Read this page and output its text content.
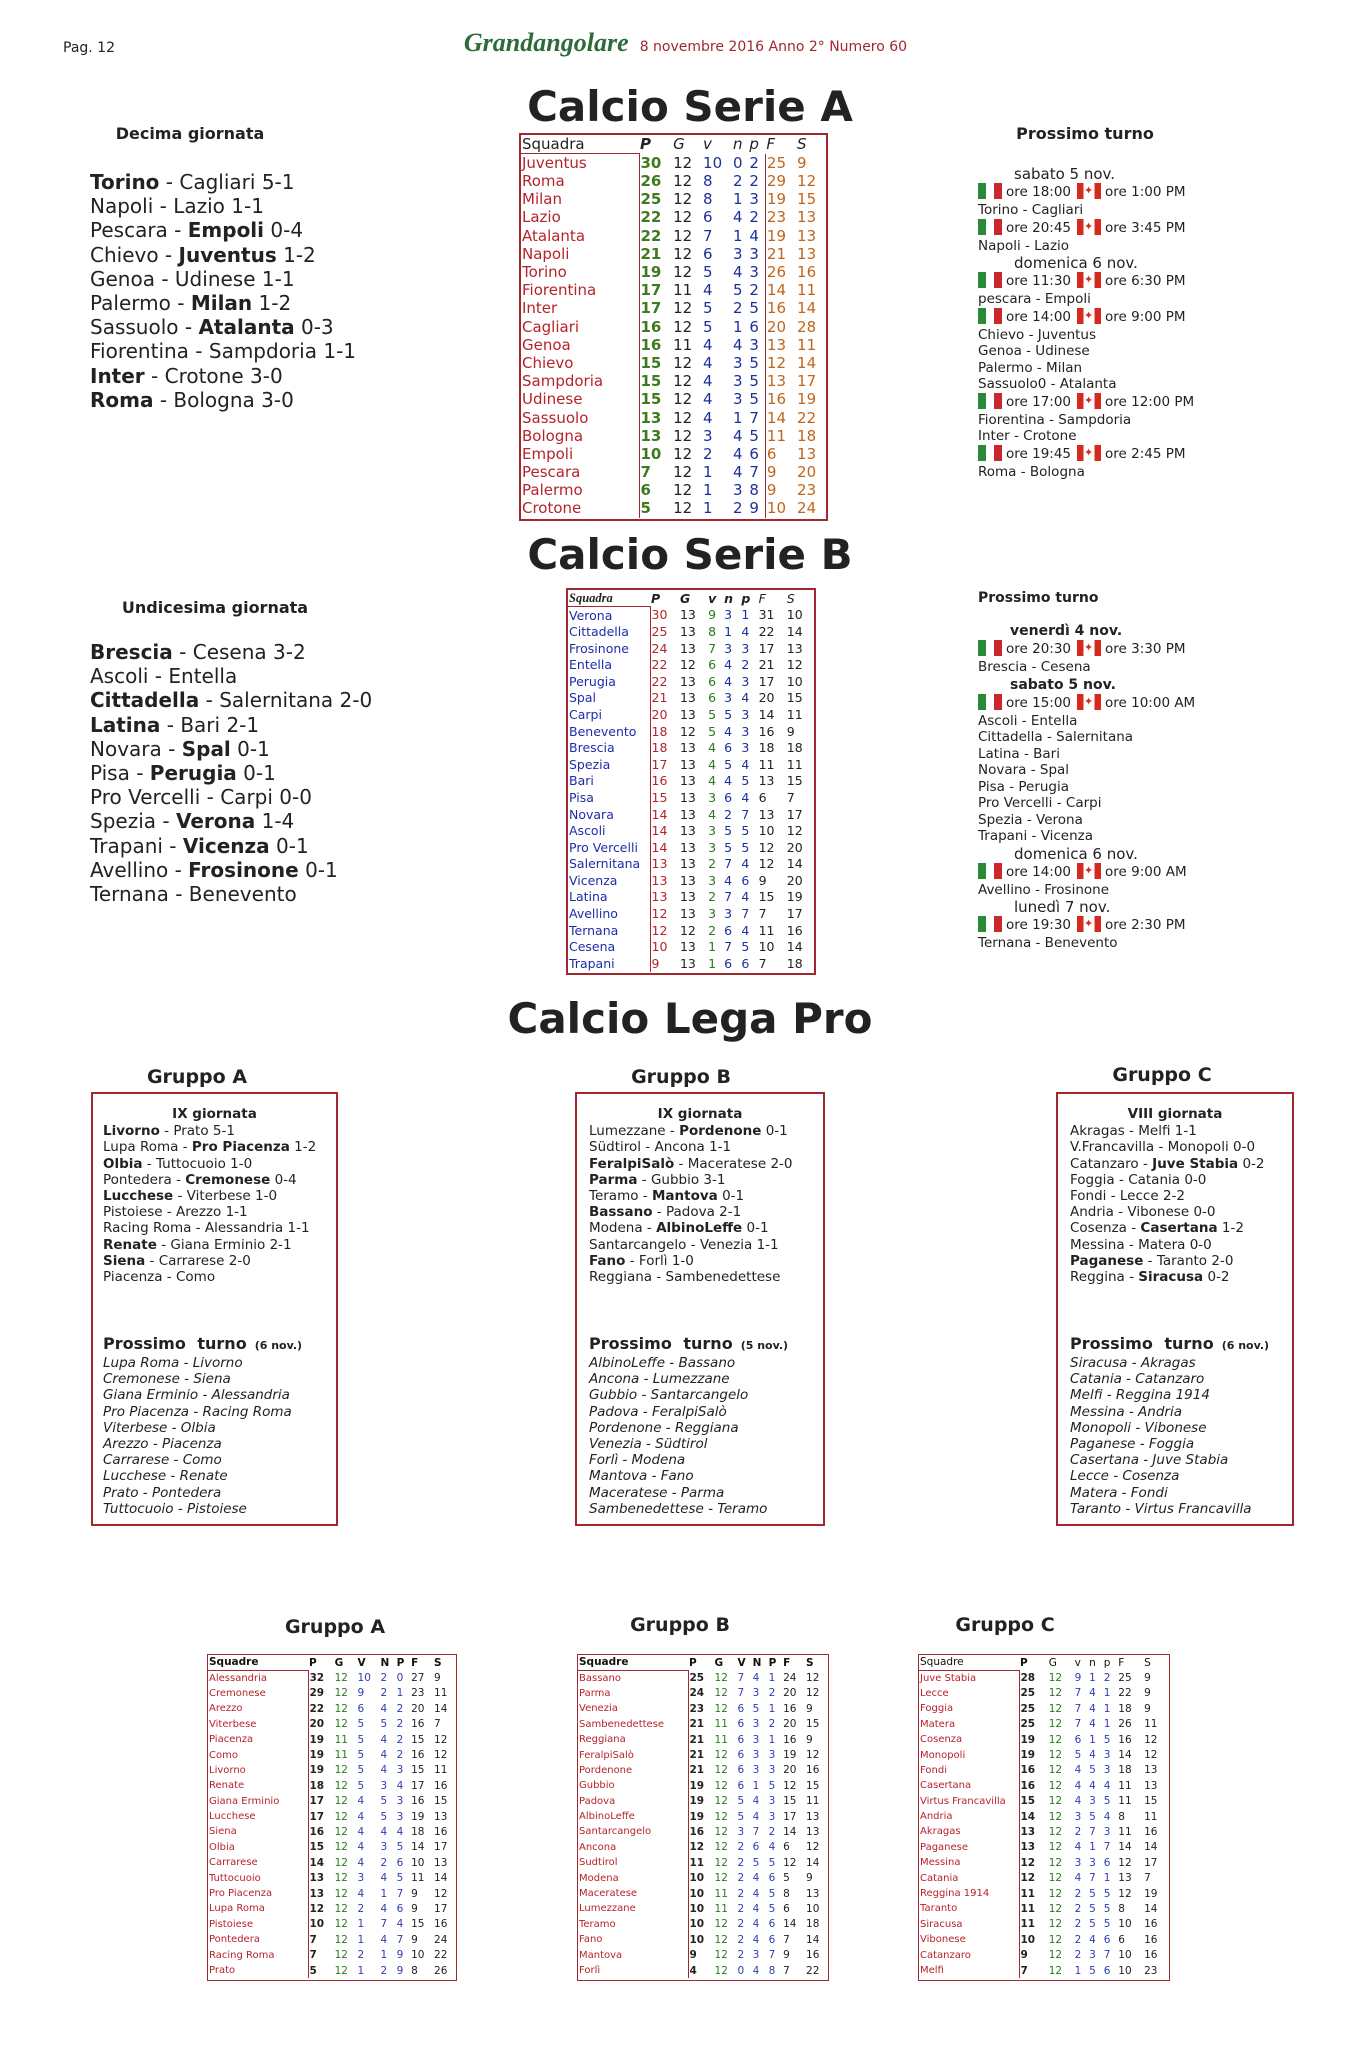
Pag. 12	Grandangolare 8 novembre 2016 Anno 2° Numero 60
Calcio Serie A
Decima giornata
Torino - Cagliari 5-1
Napoli - Lazio 1-1
Pescara - Empoli 0-4
Chievo - Juventus 1-2
Genoa - Udinese 1-1
Palermo - Milan 1-2
Sassuolo - Atalanta 0-3
Fiorentina - Sampdoria 1-1
Inter - Crotone 3-0
Roma - Bologna 3-0
Squadra	P	G	v	n	p	F	S
Juventus	30	12	10	0	2	25	9
Roma	26	12	8	2	2	29	12
Milan	25	12	8	1	3	19	15
Lazio	22	12	6	4	2	23	13
Atalanta	22	12	7	1	4	19	13
Napoli	21	12	6	3	3	21	13
Torino	19	12	5	4	3	26	16
Fiorentina	17	11	4	5	2	14	11
Inter	17	12	5	2	5	16	14
Cagliari	16	12	5	1	6	20	28
Genoa	16	11	4	4	3	13	11
Chievo	15	12	4	3	5	12	14
Sampdoria	15	12	4	3	5	13	17
Udinese	15	12	4	3	5	16	19
Sassuolo	13	12	4	1	7	14	22
Bologna	13	12	3	4	5	11	18
Empoli	10	12	2	4	6	6	13
Pescara	7	12	1	4	7	9	20
Palermo	6	12	1	3	8	9	23
Crotone	5	12	1	2	9	10	24
Prossimo turno
sabato 5 nov.
ore 18:00 ✦	ore 1:00 PM
Torino - Cagliari
ore 20:45 ✦	ore 3:45 PM
Napoli - Lazio
domenica 6 nov.
ore 11:30 ✦	ore 6:30 PM
pescara - Empoli
ore 14:00 ✦	ore 9:00 PM
Chievo - Juventus
Genoa - Udinese
Palermo - Milan
Sassuolo0 - Atalanta
ore 17:00 ✦	ore 12:00 PM
Fiorentina - Sampdoria
Inter - Crotone
ore 19:45 ✦	ore 2:45 PM
Roma - Bologna
Calcio Serie B
Undicesima giornata
Brescia - Cesena 3-2
Ascoli - Entella
Cittadella - Salernitana 2-0
Latina - Bari 2-1
Novara - Spal 0-1
Pisa - Perugia 0-1
Pro Vercelli - Carpi 0-0
Spezia - Verona 1-4
Trapani - Vicenza 0-1
Avellino - Frosinone 0-1
Ternana - Benevento
Squadra	P	G	v	n	p	F	S
Verona	30	13	9	3	1	31	10
Cittadella	25	13	8	1	4	22	14
Frosinone	24	13	7	3	3	17	13
Entella	22	12	6	4	2	21	12
Perugia	22	13	6	4	3	17	10
Spal	21	13	6	3	4	20	15
Carpi	20	13	5	5	3	14	11
Benevento	18	12	5	4	3	16	9
Brescia	18	13	4	6	3	18	18
Spezia	17	13	4	5	4	11	11
Bari	16	13	4	4	5	13	15
Pisa	15	13	3	6	4	6	7
Novara	14	13	4	2	7	13	17
Ascoli	14	13	3	5	5	10	12
Pro Vercelli	14	13	3	5	5	12	20
Salernitana	13	13	2	7	4	12	14
Vicenza	13	13	3	4	6	9	20
Latina	13	13	2	7	4	15	19
Avellino	12	13	3	3	7	7	17
Ternana	12	12	2	6	4	11	16
Cesena	10	13	1	7	5	10	14
Trapani	9	13	1	6	6	7	18
Prossimo turno
venerdì 4 nov.
ore 20:30 ✦	ore 3:30 PM
Brescia - Cesena
sabato 5 nov.
ore 15:00 ✦	ore 10:00 AM
Ascoli - Entella
Cittadella - Salernitana
Latina - Bari
Novara - Spal
Pisa - Perugia
Pro Vercelli - Carpi
Spezia - Verona
Trapani - Vicenza
domenica 6 nov.
ore 14:00 ✦	ore 9:00 AM
Avellino - Frosinone
lunedì 7 nov.
ore 19:30 ✦	ore 2:30 PM
Ternana - Benevento
Calcio Lega Pro
Gruppo A	Gruppo B	Gruppo C
IX giornata
Livorno - Prato 5-1
Lupa Roma - Pro Piacenza 1-2
Olbia - Tuttocuoio 1-0
Pontedera - Cremonese 0-4
Lucchese - Viterbese 1-0
Pistoiese - Arezzo 1-1
Racing Roma - Alessandria 1-1
Renate - Giana Erminio 2-1
Siena - Carrarese 2-0
Piacenza - Como
Prossimo turno (6 nov.)
Lupa Roma - Livorno
Cremonese - Siena
Giana Erminio - Alessandria
Pro Piacenza - Racing Roma
Viterbese - Olbia
Arezzo - Piacenza
Carrarese - Como
Lucchese - Renate
Prato - Pontedera
Tuttocuoio - Pistoiese
IX giornata
Lumezzane - Pordenone 0-1
Südtirol - Ancona 1-1
FeralpiSalò - Maceratese 2-0
Parma - Gubbio 3-1
Teramo - Mantova 0-1
Bassano - Padova 2-1
Modena - AlbinoLeffe 0-1
Santarcangelo - Venezia 1-1
Fano - Forlì 1-0
Reggiana - Sambenedettese
Prossimo turno (5 nov.)
AlbinoLeffe - Bassano
Ancona - Lumezzane
Gubbio - Santarcangelo
Padova - FeralpiSalò
Pordenone - Reggiana
Venezia - Südtirol
Forlì - Modena
Mantova - Fano
Maceratese - Parma
Sambenedettese - Teramo
VIII giornata
Akragas - Melfi 1-1
V.Francavilla - Monopoli 0-0
Catanzaro - Juve Stabia 0-2
Foggia - Catania 0-0
Fondi - Lecce 2-2
Andria - Vibonese 0-0
Cosenza - Casertana 1-2
Messina - Matera 0-0
Paganese - Taranto 2-0
Reggina - Siracusa 0-2
Prossimo turno (6 nov.)
Siracusa - Akragas
Catania - Catanzaro
Melfi - Reggina 1914
Messina - Andria
Monopoli - Vibonese
Paganese - Foggia
Casertana - Juve Stabia
Lecce - Cosenza
Matera - Fondi
Taranto - Virtus Francavilla
Gruppo A	Gruppo B	Gruppo C
Squadre	P	G	V	N	P	F	S
Alessandria	32	12	10	2	0	27	9
Cremonese	29	12	9	2	1	23	11
Arezzo	22	12	6	4	2	20	14
Viterbese	20	12	5	5	2	16	7
Piacenza	19	11	5	4	2	15	12
Como	19	11	5	4	2	16	12
Livorno	19	12	5	4	3	15	11
Renate	18	12	5	3	4	17	16
Giana Erminio	17	12	4	5	3	16	15
Lucchese	17	12	4	5	3	19	13
Siena	16	12	4	4	4	18	16
Olbia	15	12	4	3	5	14	17
Carrarese	14	12	4	2	6	10	13
Tuttocuoio	13	12	3	4	5	11	14
Pro Piacenza	13	12	4	1	7	9	12
Lupa Roma	12	12	2	4	6	9	17
Pistoiese	10	12	1	7	4	15	16
Pontedera	7	12	1	4	7	9	24
Racing Roma	7	12	2	1	9	10	22
Prato	5	12	1	2	9	8	26
Squadre	P	G	V	N	P	F	S
Bassano	25	12	7	4	1	24	12
Parma	24	12	7	3	2	20	12
Venezia	23	12	6	5	1	16	9
Sambenedettese	21	11	6	3	2	20	15
Reggiana	21	11	6	3	1	16	9
FeralpiSalò	21	12	6	3	3	19	12
Pordenone	21	12	6	3	3	20	16
Gubbio	19	12	6	1	5	12	15
Padova	19	12	5	4	3	15	11
AlbinoLeffe	19	12	5	4	3	17	13
Santarcangelo	16	12	3	7	2	14	13
Ancona	12	12	2	6	4	6	12
Sudtirol	11	12	2	5	5	12	14
Modena	10	12	2	4	6	5	9
Maceratese	10	11	2	4	5	8	13
Lumezzane	10	11	2	4	5	6	10
Teramo	10	12	2	4	6	14	18
Fano	10	12	2	4	6	7	14
Mantova	9	12	2	3	7	9	16
Forlì	4	12	0	4	8	7	22
Squadre	P	G	v	n	p	F	S
Juve Stabia	28	12	9	1	2	25	9
Lecce	25	12	7	4	1	22	9
Foggia	25	12	7	4	1	18	9
Matera	25	12	7	4	1	26	11
Cosenza	19	12	6	1	5	16	12
Monopoli	19	12	5	4	3	14	12
Fondi	16	12	4	5	3	18	13
Casertana	16	12	4	4	4	11	13
Virtus Francavilla	15	12	4	3	5	11	15
Andria	14	12	3	5	4	8	11
Akragas	13	12	2	7	3	11	16
Paganese	13	12	4	1	7	14	14
Messina	12	12	3	3	6	12	17
Catania	12	12	4	7	1	13	7
Reggina 1914	11	12	2	5	5	12	19
Taranto	11	12	2	5	5	8	14
Siracusa	11	12	2	5	5	10	16
Vibonese	10	12	2	4	6	6	16
Catanzaro	9	12	2	3	7	10	16
Melfi	7	12	1	5	6	10	23
